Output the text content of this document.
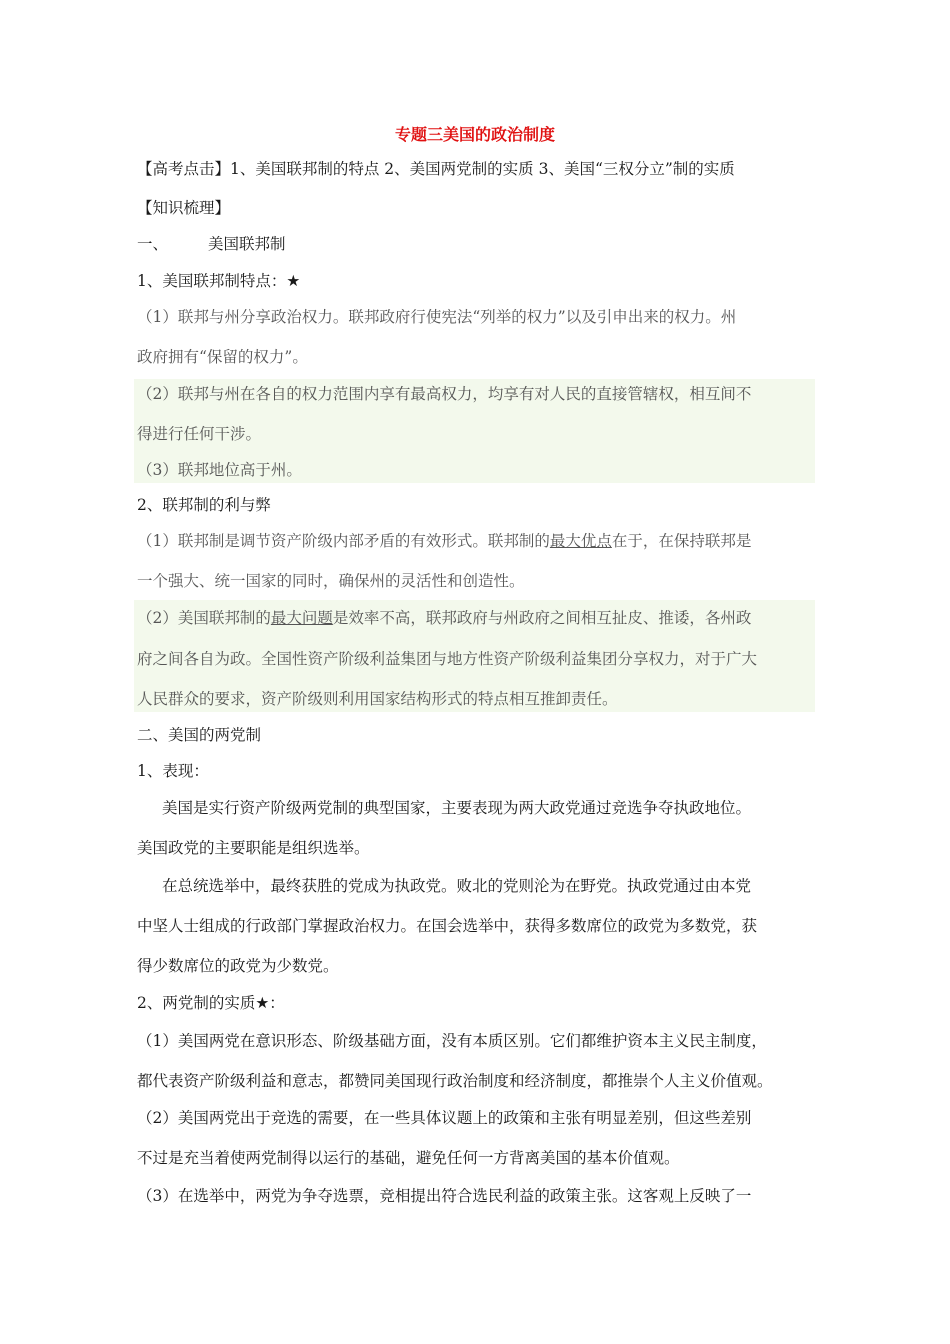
专题三美国的政治制度
【高考点击】1、美国联邦制的特点 2、美国两党制的实质 3、美国“三权分立”制的实质
【知识梳理】
一、	美国联邦制
1、美国联邦制特点：★
（1）联邦与州分享政治权力。联邦政府行使宪法“列举的权力”以及引申出来的权力。州
政府拥有“保留的权力”。
（2）联邦与州在各自的权力范围内享有最高权力，均享有对人民的直接管辖权，相互间不
得进行任何干涉。
（3）联邦地位高于州。
2、联邦制的利与弊
（1）联邦制是调节资产阶级内部矛盾的有效形式。联邦制的最大优点在于，在保持联邦是
一个强大、统一国家的同时，确保州的灵活性和创造性。
（2）美国联邦制的最大问题是效率不高，联邦政府与州政府之间相互扯皮、推诿，各州政
府之间各自为政。全国性资产阶级利益集团与地方性资产阶级利益集团分享权力，对于广大
人民群众的要求，资产阶级则利用国家结构形式的特点相互推卸责任。
二、美国的两党制
1、表现：
美国是实行资产阶级两党制的典型国家，主要表现为两大政党通过竞选争夺执政地位。
美国政党的主要职能是组织选举。
在总统选举中，最终获胜的党成为执政党。败北的党则沦为在野党。执政党通过由本党
中坚人士组成的行政部门掌握政治权力。在国会选举中，获得多数席位的政党为多数党，获
得少数席位的政党为少数党。
2、两党制的实质★：
（1）美国两党在意识形态、阶级基础方面，没有本质区别。它们都维护资本主义民主制度，
都代表资产阶级利益和意志，都赞同美国现行政治制度和经济制度，都推崇个人主义价值观。
（2）美国两党出于竞选的需要，在一些具体议题上的政策和主张有明显差别，但这些差别
不过是充当着使两党制得以运行的基础，避免任何一方背离美国的基本价值观。
（3）在选举中，两党为争夺选票，竞相提出符合选民利益的政策主张。这客观上反映了一
